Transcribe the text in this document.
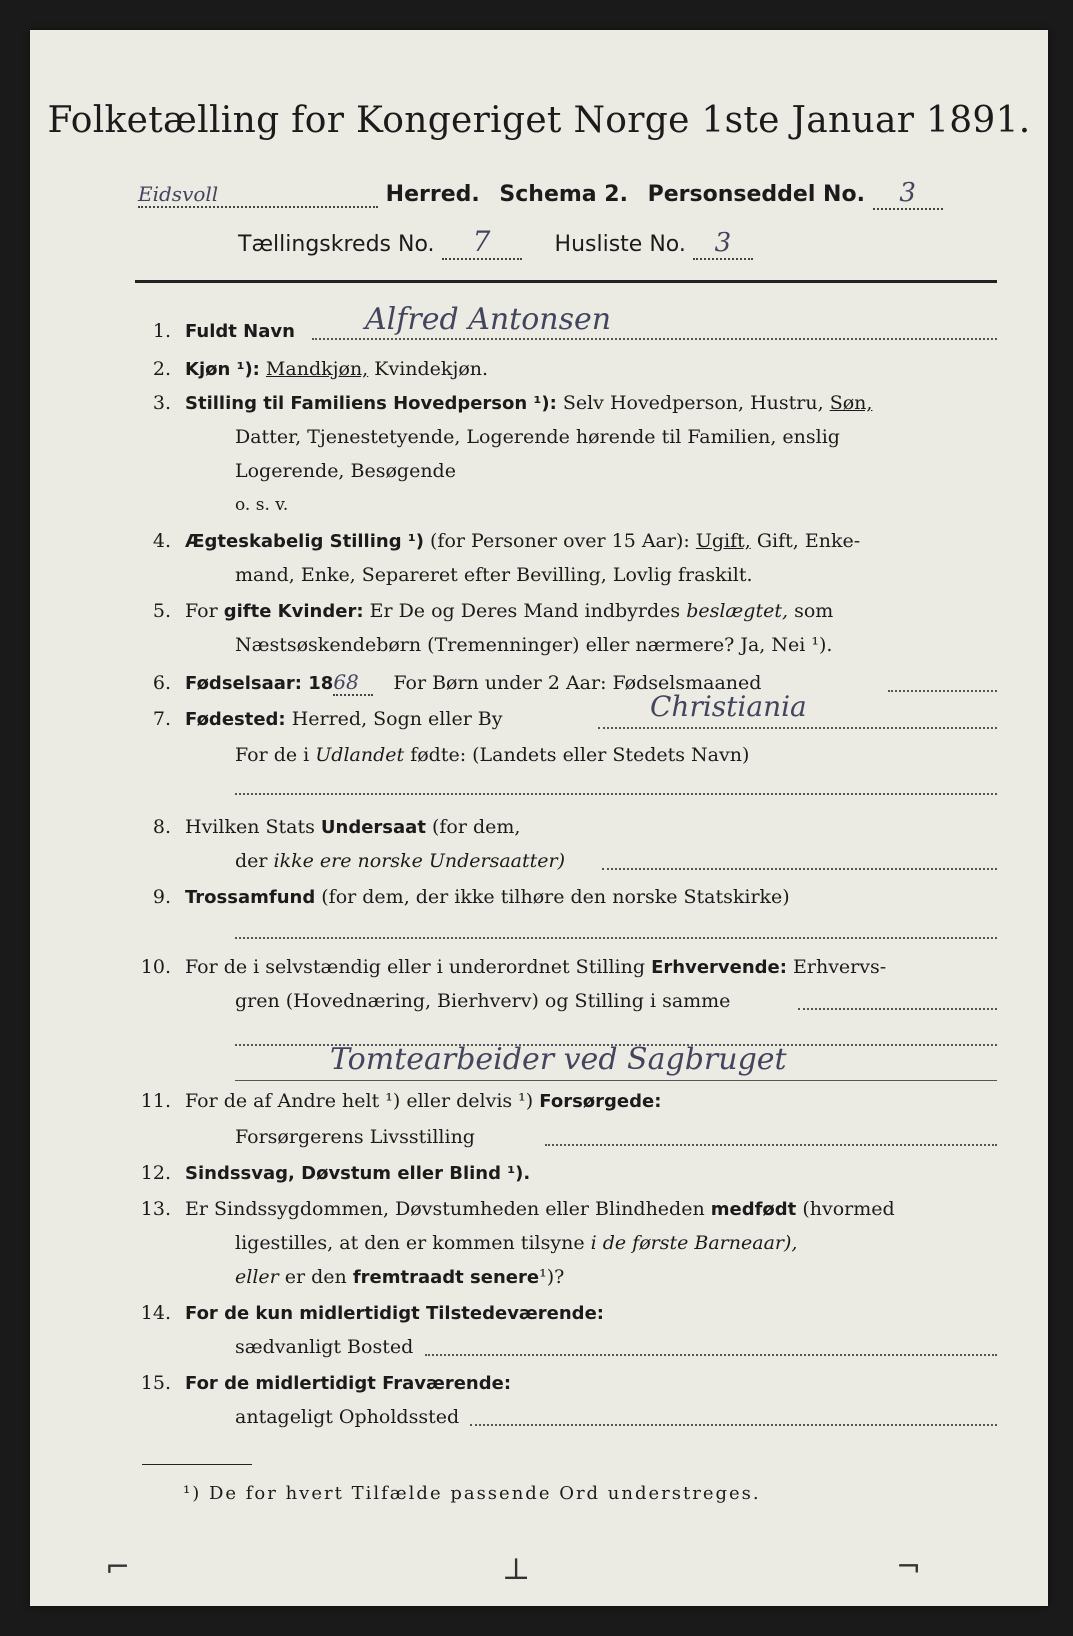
Folketælling for Kongeriget Norge 1ste Januar 1891.
Eidsvoll	Herred. Schema 2. Personseddel No. 3
Tællingskreds No. 7	Husliste No. 3
1. Fuldt Navn Alfred Antonsen
2. Kjøn ¹): Mandkjøn, Kvindekjøn.
3. Stilling til Familiens Hovedperson ¹): Selv Hovedperson, Hustru, Søn,
Datter, Tjenestetyende, Logerende hørende til Familien, enslig
Logerende, Besøgende
o. s. v.
4. Ægteskabelig Stilling ¹) (for Personer over 15 Aar): Ugift, Gift, Enke-
mand, Enke, Separeret efter Bevilling, Lovlig fraskilt.
5. For gifte Kvinder: Er De og Deres Mand indbyrdes beslægtet, som
Næstsøskendebørn (Tremenninger) eller nærmere? Ja, Nei ¹).
6. Fødselsaar: 1868 For Børn under 2 Aar: Fødselsmaaned
7. Fødested: Herred, Sogn eller By	Christiania
For de i Udlandet fødte: (Landets eller Stedets Navn)
8. Hvilken Stats Undersaat (for dem,
der ikke ere norske Undersaatter)
9. Trossamfund (for dem, der ikke tilhøre den norske Statskirke)
10. For de i selvstændig eller i underordnet Stilling Erhvervende: Erhvervs-
gren (Hovednæring, Bierhverv) og Stilling i samme
Tomtearbeider ved Sagbruget
11. For de af Andre helt ¹) eller delvis ¹) Forsørgede:
Forsørgerens Livsstilling
12. Sindssvag, Døvstum eller Blind ¹).
13. Er Sindssygdommen, Døvstumheden eller Blindheden medfødt (hvormed
ligestilles, at den er kommen tilsyne i de første Barneaar),
eller er den fremtraadt senere¹)?
14. For de kun midlertidigt Tilstedeværende:
sædvanligt Bosted
15. For de midlertidigt Fraværende:
antageligt Opholdssted
¹) De for hvert Tilfælde passende Ord understreges.
⌐	⊥	¬
